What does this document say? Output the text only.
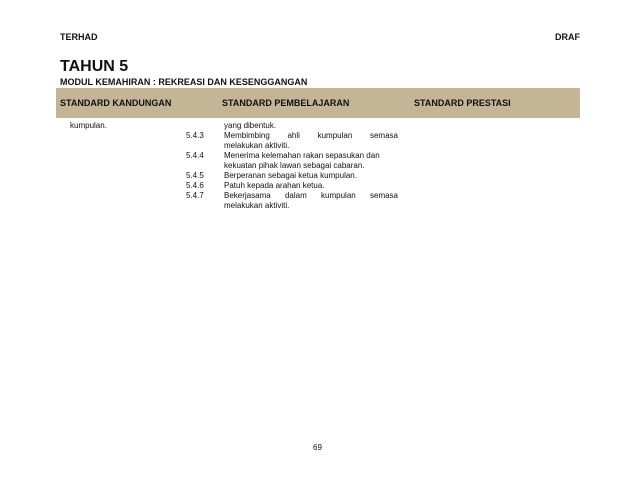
TERHAD	DRAF
TAHUN 5
MODUL KEMAHIRAN : REKREASI DAN KESENGGANGAN
STANDARD KANDUNGAN	STANDARD PEMBELAJARAN	STANDARD PRESTASI
kumpulan.	yang dibentuk.
5.4.3	Membimbing ahli kumpulan semasa
melakukan aktiviti.
5.4.4	Menerima kelemahan rakan sepasukan dan
kekuatan pihak lawan sebagai cabaran.
5.4.5	Berperanan sebagai ketua kumpulan.
5.4.6	Patuh kepada arahan ketua.
5.4.7	Bekerjasama dalam kumpulan semasa
melakukan aktiviti.
69
